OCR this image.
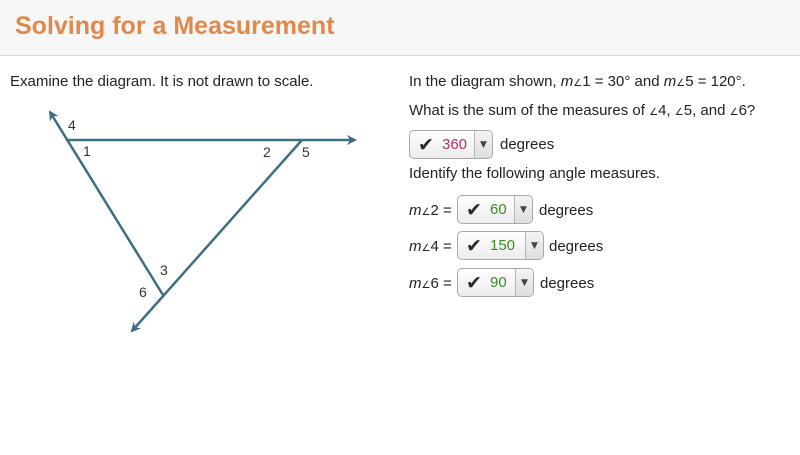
Solving for a Measurement
Examine the diagram. It is not drawn to scale.
4
1	2 5
3
6
In the diagram shown, m∠1 = 30° and m∠5 = 120°.
What is the sum of the measures of ∠4, ∠5, and ∠6?
✔ 360	▼ degrees
Identify the following angle measures.
m∠2 = ✔ 60	▼ degrees
m∠4 = ✔ 150	▼ degrees
m∠6 = ✔ 90	▼ degrees
